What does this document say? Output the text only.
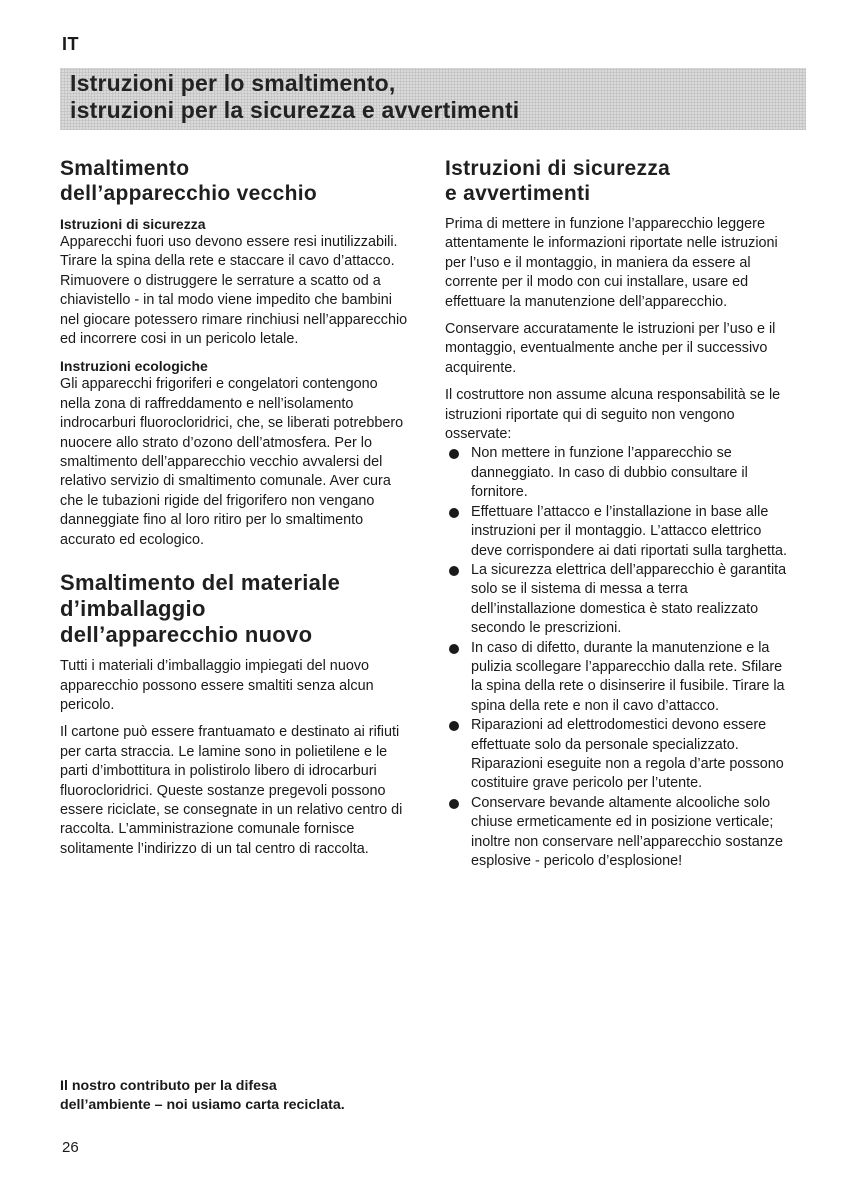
IT
Istruzioni per lo smaltimento,
istruzioni per la sicurezza e avvertimenti
Smaltimento
dell’apparecchio vecchio
Istruzioni di sicurezza

Apparecchi fuori uso devono essere resi inutilizzabili. Tirare la spina della rete e staccare il cavo d’attacco. Rimuovere o distruggere le serrature a scatto od a chiavistello - in tal modo viene impedito che bambini nel giocare potessero rimare rinchiusi nell’apparecchio ed incorrere cosi in un pericolo letale.

Instruzioni ecologiche

Gli apparecchi frigoriferi e congelatori contengono nella zona di raffreddamento e nell’isolamento indrocarburi fluorocloridrici, che, se liberati potrebbero nuocere allo strato d’ozono dell’atmosfera. Per lo smaltimento dell’apparecchio vecchio avvalersi del relativo servizio di smaltimento comunale. Aver cura che le tubazioni rigide del frigorifero non vengano danneggiate fino al loro ritiro per lo smaltimento accurato ed ecologico.

Smaltimento del materiale
d’imballaggio
dell’apparecchio nuovo

Tutti i materiali d’imballaggio impiegati del nuovo apparecchio possono essere smaltiti senza alcun pericolo.

Il cartone può essere frantuamato e destinato ai rifiuti per carta straccia. Le lamine sono in polietilene e le parti d’imbottitura in polistirolo libero di idrocarburi fluorocloridrici. Queste sostanze pregevoli possono essere riciclate, se consegnate in un relativo centro di raccolta. L’amministrazione comunale fornisce solitamente l’indirizzo di un tal centro di raccolta.

Istruzioni di sicurezza
e avvertimenti

Prima di mettere in funzione l’apparecchio leggere attentamente le informazioni riportate nelle istruzioni per l’uso e il montaggio, in maniera da essere al corrente per il modo con cui installare, usare ed effettuare la manutenzione dell’apparecchio.

Conservare accuratamente le istruzioni per l’uso e il montaggio, eventualmente anche per il successivo acquirente.

Il costruttore non assume alcuna responsabilità se le istruzioni riportate qui di seguito non vengono osservate:

Non mettere in funzione l’apparecchio se danneggiato. In caso di dubbio consultare il fornitore.
Effettuare l’attacco e l’installazione in base alle instruzioni per il montaggio. L’attacco elettrico deve corrispondere ai dati riportati sulla targhetta.
La sicurezza elettrica dell’apparecchio è garantita solo se il sistema di messa a terra dell’installazione domestica è stato realizzato secondo le prescrizioni.
In caso di difetto, durante la manutenzione e la pulizia scollegare l’apparecchio dalla rete. Sfilare la spina della rete o disinserire il fusibile. Tirare la spina della rete e non il cavo d’attacco.
Riparazioni ad elettrodomestici devono essere effettuate solo da personale specializzato. Riparazioni eseguite non a regola d’arte possono costituire grave pericolo per l’utente.
Conservare bevande altamente alcooliche solo chiuse ermeticamente ed in posizione verticale; inoltre non conservare nell’apparecchio sostanze esplosive - pericolo d’esplosione!
Il nostro contributo per la difesa
dell’ambiente – noi usiamo carta reciclata.
26
